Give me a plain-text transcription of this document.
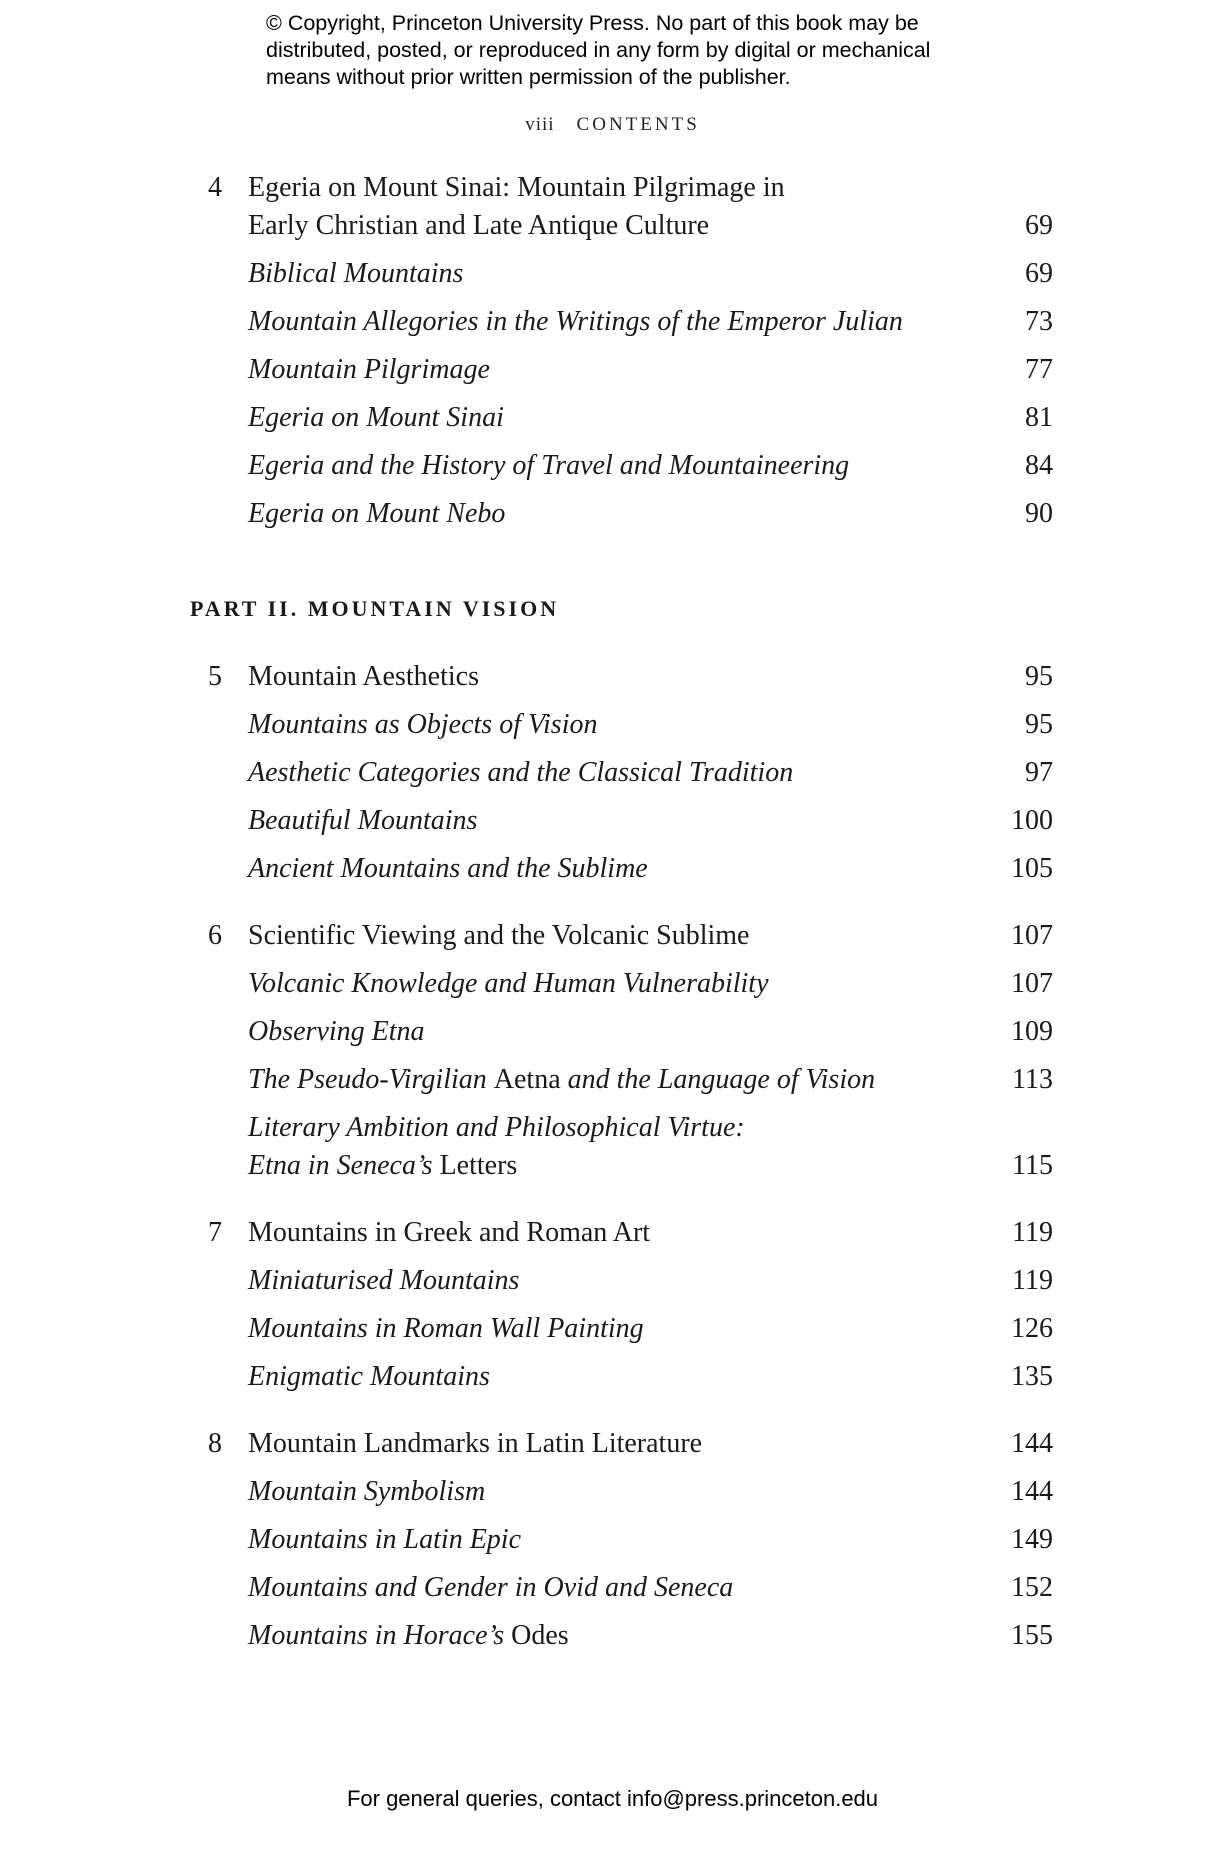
© Copyright, Princeton University Press. No part of this book may be
distributed, posted, or reproduced in any form by digital or mechanical
means without prior written permission of the publisher.
viii CONTENTS
4 Egeria on Mount Sinai: Mountain Pilgrimage in
Early Christian and Late Antique Culture	69
Biblical Mountains	69
Mountain Allegories in the Writings of the Emperor Julian	73
Mountain Pilgrimage	77
Egeria on Mount Sinai	81
Egeria and the History of Travel and Mountaineering	84
Egeria on Mount Nebo	90
PART II. MOUNTAIN VISION
5 Mountain Aesthetics	95
Mountains as Objects of Vision	95
Aesthetic Categories and the Classical Tradition	97
Beautiful Mountains	100
Ancient Mountains and the Sublime	105
6 Scientific Viewing and the Volcanic Sublime	107
Volcanic Knowledge and Human Vulnerability	107
Observing Etna	109
The Pseudo-Virgilian Aetna and the Language of Vision	113
Literary Ambition and Philosophical Virtue:
Etna in Seneca’s Letters	115
7 Mountains in Greek and Roman Art	119
Miniaturised Mountains	119
Mountains in Roman Wall Painting	126
Enigmatic Mountains	135
8 Mountain Landmarks in Latin Literature	144
Mountain Symbolism	144
Mountains in Latin Epic	149
Mountains and Gender in Ovid and Seneca	152
Mountains in Horace’s Odes	155
For general queries, contact info@press.princeton.edu
